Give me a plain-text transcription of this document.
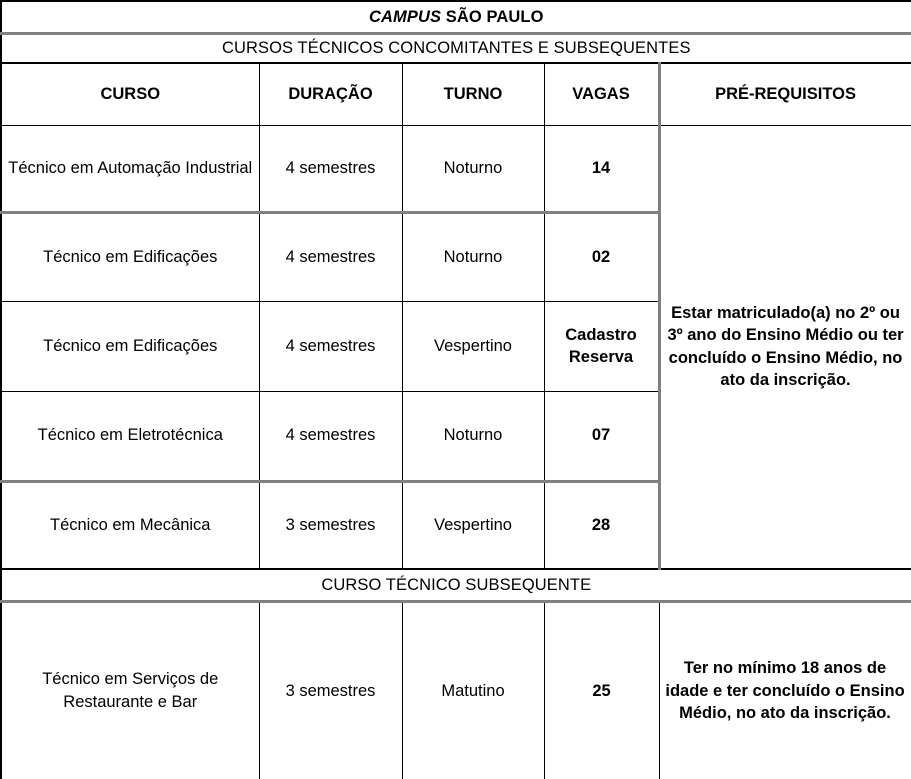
CAMPUS SÃO PAULO				
CURSOS TÉCNICOS CONCOMITANTES E SUBSEQUENTES				
CURSO	DURAÇÃO	TURNO	VAGAS	PRÉ-REQUISITOS
Técnico em Automação Industrial	4 semestres	Noturno	14	Estar matriculado(a) no 2º ou 3º ano do Ensino Médio ou ter concluído o Ensino Médio, no ato da inscrição.
Técnico em Edificações	4 semestres	Noturno	02	
Técnico em Edificações	4 semestres	Vespertino	Cadastro Reserva	
Técnico em Eletrotécnica	4 semestres	Noturno	07	
Técnico em Mecânica	3 semestres	Vespertino	28	
CURSO TÉCNICO SUBSEQUENTE				
Técnico em Serviços de Restaurante e Bar	3 semestres	Matutino	25	Ter no mínimo 18 anos de idade e ter concluído o Ensino Médio, no ato da inscrição.
